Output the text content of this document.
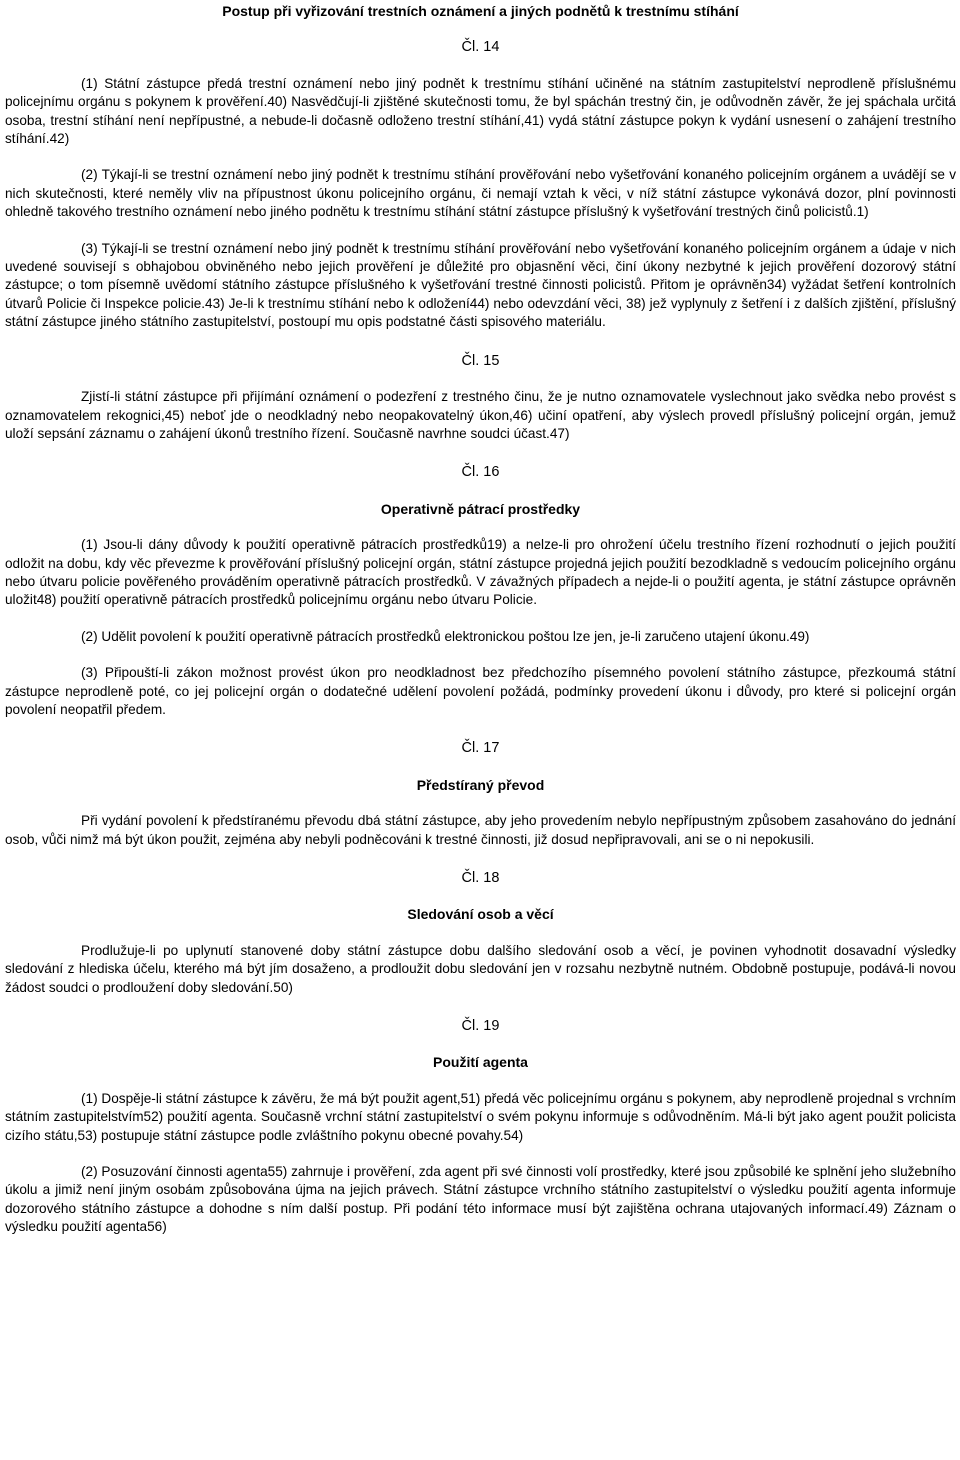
Postup při vyřizování trestních oznámení a jiných podnětů k trestnímu stíhání

Čl. 14

(1) Státní zástupce předá trestní oznámení nebo jiný podnět k trestnímu stíhání učiněné na státním zastupitelství neprodleně příslušnému policejnímu orgánu s pokynem k prověření.40) Nasvědčují-li zjištěné skutečnosti tomu, že byl spáchán trestný čin, je odůvodněn závěr, že jej spáchala určitá osoba, trestní stíhání není nepřípustné, a nebude-li dočasně odloženo trestní stíhání,41) vydá státní zástupce pokyn k vydání usnesení o zahájení trestního stíhání.42)

(2) Týkají-li se trestní oznámení nebo jiný podnět k trestnímu stíhání prověřování nebo vyšetřování konaného policejním orgánem a uvádějí se v nich skutečnosti, které neměly vliv na přípustnost úkonu policejního orgánu, či nemají vztah k věci, v níž státní zástupce vykonává dozor, plní povinnosti ohledně takového trestního oznámení nebo jiného podnětu k trestnímu stíhání státní zástupce příslušný k vyšetřování trestných činů policistů.1)

(3) Týkají-li se trestní oznámení nebo jiný podnět k trestnímu stíhání prověřování nebo vyšetřování konaného policejním orgánem a údaje v nich uvedené souvisejí s obhajobou obviněného nebo jejich prověření je důležité pro objasnění věci, činí úkony nezbytné k jejich prověření dozorový státní zástupce; o tom písemně uvědomí státního zástupce příslušného k vyšetřování trestné činnosti policistů. Přitom je oprávněn34) vyžádat šetření kontrolních útvarů Policie či Inspekce policie.43) Je-li k trestnímu stíhání nebo k odložení44) nebo odevzdání věci, 38) jež vyplynuly z šetření i z dalších zjištění, příslušný státní zástupce jiného státního zastupitelství, postoupí mu opis podstatné části spisového materiálu.

Čl. 15

Zjistí-li státní zástupce při přijímání oznámení o podezření z trestného činu, že je nutno oznamovatele vyslechnout jako svědka nebo provést s oznamovatelem rekognici,45) neboť jde o neodkladný nebo neopakovatelný úkon,46) učiní opatření, aby výslech provedl příslušný policejní orgán, jemuž uloží sepsání záznamu o zahájení úkonů trestního řízení. Současně navrhne soudci účast.47)

Čl. 16

Operativně pátrací prostředky

(1) Jsou-li dány důvody k použití operativně pátracích prostředků19) a nelze-li pro ohrožení účelu trestního řízení rozhodnutí o jejich použití odložit na dobu, kdy věc převezme k prověřování příslušný policejní orgán, státní zástupce projedná jejich použití bezodkladně s vedoucím policejního orgánu nebo útvaru policie pověřeného prováděním operativně pátracích prostředků. V závažných případech a nejde-li o použití agenta, je státní zástupce oprávněn uložit48) použití operativně pátracích prostředků policejnímu orgánu nebo útvaru Policie.

(2) Udělit povolení k použití operativně pátracích prostředků elektronickou poštou lze jen, je-li zaručeno utajení úkonu.49)

(3) Připouští-li zákon možnost provést úkon pro neodkladnost bez předchozího písemného povolení státního zástupce, přezkoumá státní zástupce neprodleně poté, co jej policejní orgán o dodatečné udělení povolení požádá, podmínky provedení úkonu i důvody, pro které si policejní orgán povolení neopatřil předem.

Čl. 17

Předstíraný převod

Při vydání povolení k předstíranému převodu dbá státní zástupce, aby jeho provedením nebylo nepřípustným způsobem zasahováno do jednání osob, vůči nimž má být úkon použit, zejména aby nebyli podněcováni k trestné činnosti, již dosud nepřipravovali, ani se o ni nepokusili.

Čl. 18

Sledování osob a věcí

Prodlužuje-li po uplynutí stanovené doby státní zástupce dobu dalšího sledování osob a věcí, je povinen vyhodnotit dosavadní výsledky sledování z hlediska účelu, kterého má být jím dosaženo, a prodloužit dobu sledování jen v rozsahu nezbytně nutném. Obdobně postupuje, podává-li novou žádost soudci o prodloužení doby sledování.50)

Čl. 19

Použití agenta

(1) Dospěje-li státní zástupce k závěru, že má být použit agent,51) předá věc policejnímu orgánu s pokynem, aby neprodleně projednal s vrchním státním zastupitelstvím52) použití agenta. Současně vrchní státní zastupitelství o svém pokynu informuje s odůvodněním. Má-li být jako agent použit policista cizího státu,53) postupuje státní zástupce podle zvláštního pokynu obecné povahy.54)

(2) Posuzování činnosti agenta55) zahrnuje i prověření, zda agent při své činnosti volí prostředky, které jsou způsobilé ke splnění jeho služebního úkolu a jimiž není jiným osobám způsobována újma na jejich právech. Státní zástupce vrchního státního zastupitelství o výsledku použití agenta informuje dozorového státního zástupce a dohodne s ním další postup. Při podání této informace musí být zajištěna ochrana utajovaných informací.49) Záznam o výsledku použití agenta56)
